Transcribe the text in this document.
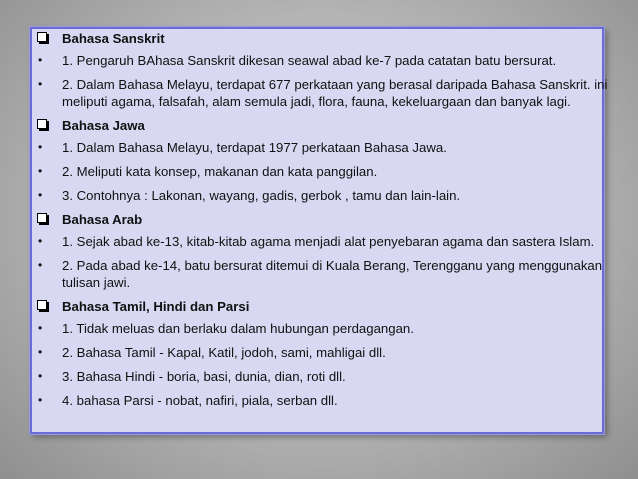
Bahasa Sanskrit
• 1. Pengaruh BAhasa Sanskrit dikesan seawal abad ke-7 pada catatan batu bersurat.
• 2. Dalam Bahasa Melayu, terdapat 677 perkataan yang berasal daripada Bahasa Sanskrit. ini meliputi agama, falsafah, alam semula jadi, flora, fauna, kekeluargaan dan banyak lagi.
Bahasa Jawa
• 1. Dalam Bahasa Melayu, terdapat 1977 perkataan Bahasa Jawa.
• 2. Meliputi kata konsep, makanan dan kata panggilan.
• 3. Contohnya : Lakonan, wayang, gadis, gerbok , tamu dan lain-lain.
Bahasa Arab
• 1. Sejak abad ke-13, kitab-kitab agama menjadi alat penyebaran agama dan sastera Islam.
• 2. Pada abad ke-14, batu bersurat ditemui di Kuala Berang, Terengganu yang menggunakan tulisan jawi.
Bahasa Tamil, Hindi dan Parsi
• 1. Tidak meluas dan berlaku dalam hubungan perdagangan.
• 2. Bahasa Tamil - Kapal, Katil, jodoh, sami, mahligai dll.
• 3. Bahasa Hindi - boria, basi, dunia, dian, roti dll.
• 4. bahasa Parsi - nobat, nafiri, piala, serban dll.
